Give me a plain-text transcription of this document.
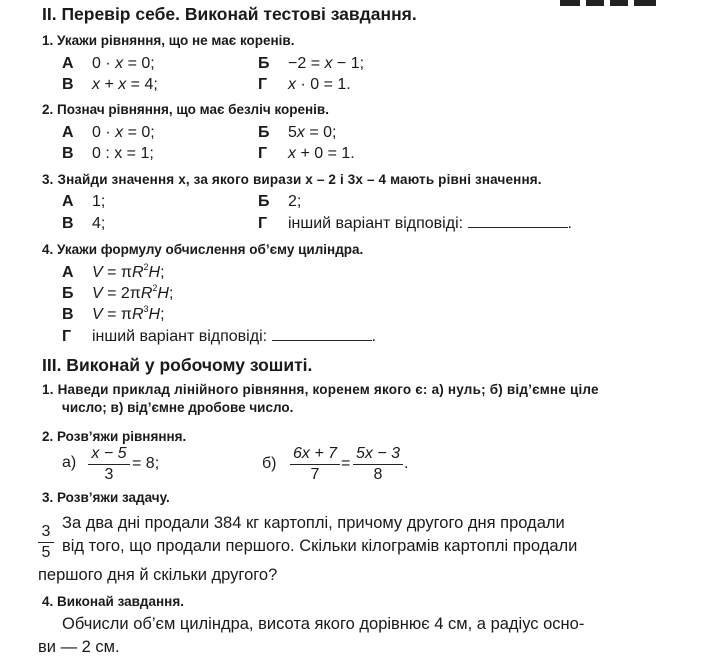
II. Перевір себе. Виконай тестові завдання.
1. Укажи рівняння, що не має коренів.
А 0 · x = 0;	Б −2 = x − 1;
В x + x = 4;	Г x · 0 = 1.
2. Познач рівняння, що має безліч коренів.
А 0 · x = 0;	Б 5x = 0;
В 0 : x = 1;	Г x + 0 = 1.
3. Знайди значення x, за якого вирази x – 2 і 3x – 4 мають рівні значення.
А 1;	Б 2;
В 4;	Г інший варіант відповіді:	.
4. Укажи формулу обчислення об’єму циліндра.
А $V = \pi R^2H$;
Б $V = 2\pi R^2H$;
В $V = \pi R^3H$;
Г інший варіант відповіді:	.
III. Виконай у робочому зошиті.
1. Наведи приклад лінійного рівняння, коренем якого є: а) нуль; б) від’ємне ціле
число; в) від’ємне дробове число.
2. Розв’яжи рівняння.
а)
x − 5
3
= 8;	б)
6x + 7
7
=
5x − 3
8
.
3. Розв’яжи задачу.
3
5
За два дні продали 384 кг картоплі, причому другого дня продали
від того, що продали першого. Скільки кілограмів картоплі продали
першого дня й скільки другого?
4. Виконай завдання.
Обчисли об’єм циліндра, висота якого дорівнює 4 см, а радіус осно-
ви — 2 см.
